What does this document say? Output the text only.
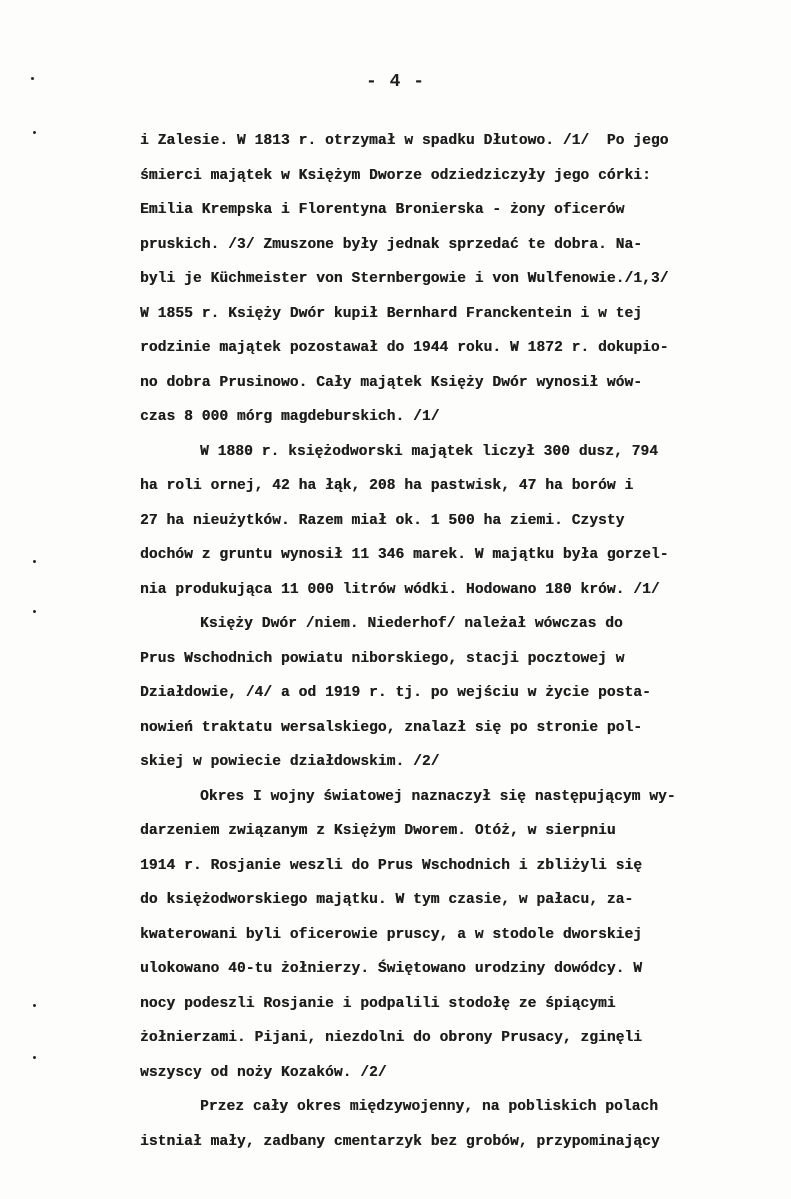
- 4 -
i Zalesie. W 1813 r. otrzymał w spadku Dłutowo. /1/  Po jego
śmierci majątek w Księżym Dworze odziedziczyły jego córki:
Emilia Krempska i Florentyna Bronierska - żony oficerów
pruskich. /3/ Zmuszone były jednak sprzedać te dobra. Na-
byli je Küchmeister von Sternbergowie i von Wulfenowie./1,3/
W 1855 r. Księży Dwór kupił Bernhard Franckentein i w tej
rodzinie majątek pozostawał do 1944 roku. W 1872 r. dokupio-
no dobra Prusinowo. Cały majątek Księży Dwór wynosił wów-
czas 8 000 mórg magdeburskich. /1/
W 1880 r. księżodworski majątek liczył 300 dusz, 794
ha roli ornej, 42 ha łąk, 208 ha pastwisk, 47 ha borów i
27 ha nieużytków. Razem miał ok. 1 500 ha ziemi. Czysty
dochów z gruntu wynosił 11 346 marek. W majątku była gorzel-
nia produkująca 11 000 litrów wódki. Hodowano 180 krów. /1/
Księży Dwór /niem. Niederhof/ należał wówczas do
Prus Wschodnich powiatu niborskiego, stacji pocztowej w
Działdowie, /4/ a od 1919 r. tj. po wejściu w życie posta-
nowień traktatu wersalskiego, znalazł się po stronie pol-
skiej w powiecie działdowskim. /2/
Okres I wojny światowej naznaczył się następującym wy-
darzeniem związanym z Księżym Dworem. Otóż, w sierpniu
1914 r. Rosjanie weszli do Prus Wschodnich i zbliżyli się
do księżodworskiego majątku. W tym czasie, w pałacu, za-
kwaterowani byli oficerowie pruscy, a w stodole dworskiej
ulokowano 40-tu żołnierzy. Świętowano urodziny dowódcy. W
nocy podeszli Rosjanie i podpalili stodołę ze śpiącymi
żołnierzami. Pijani, niezdolni do obrony Prusacy, zginęli
wszyscy od noży Kozaków. /2/
Przez cały okres międzywojenny, na pobliskich polach
istniał mały, zadbany cmentarzyk bez grobów, przypominający
